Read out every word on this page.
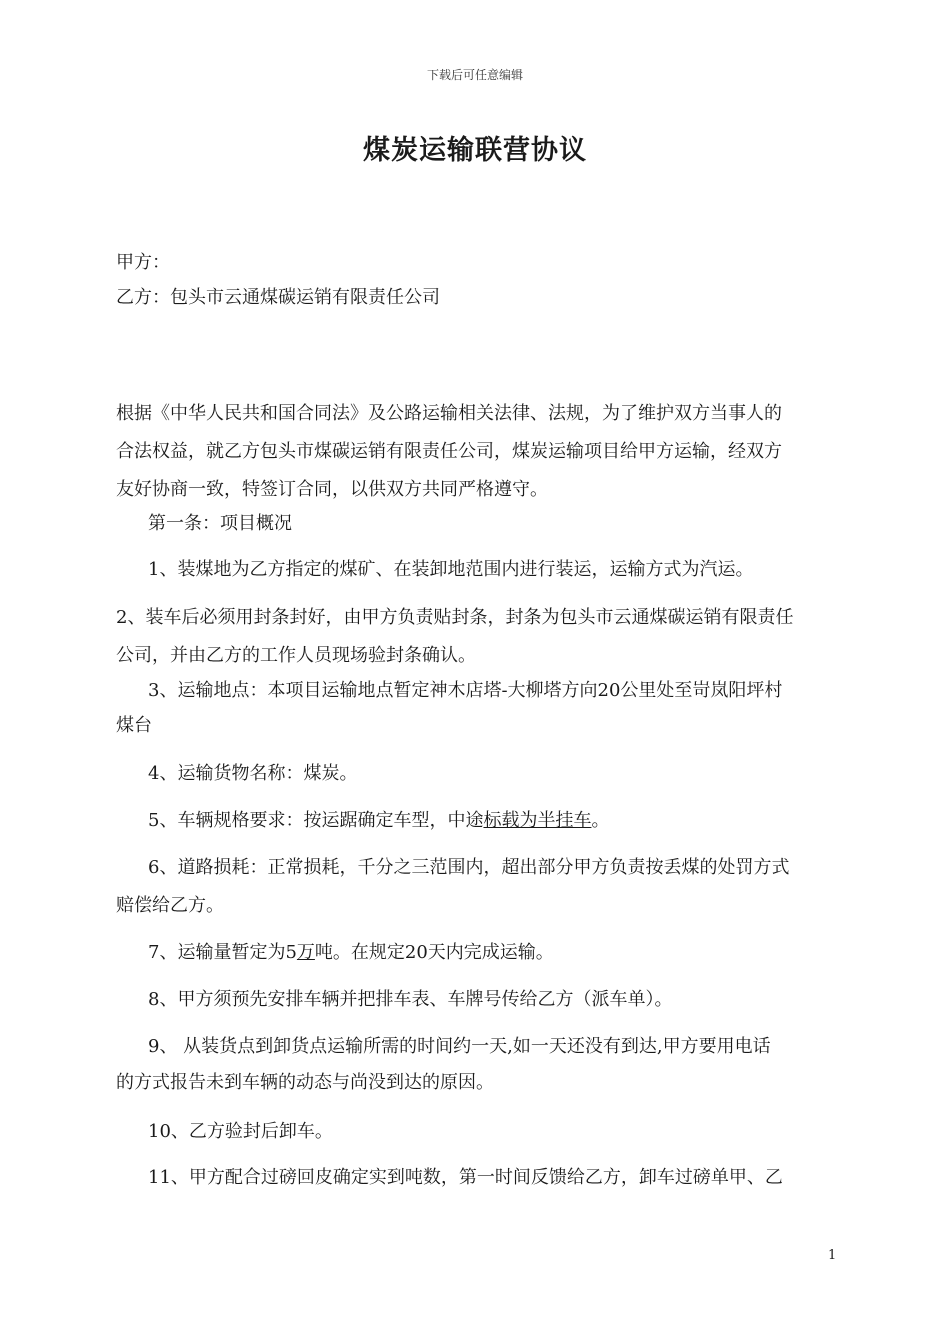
下载后可任意编辑
煤炭运输联营协议
甲方：
乙方：包头市云通煤碳运销有限责任公司
根据《中华人民共和国合同法》及公路运输相关法律、法规，为了维护双方当事人的
合法权益，就乙方包头市煤碳运销有限责任公司，煤炭运输项目给甲方运输，经双方
友好协商一致，特签订合同，以供双方共同严格遵守。
第一条：项目概况
1、装煤地为乙方指定的煤矿、在装卸地范围内进行装运，运输方式为汽运。
2、装车后必须用封条封好，由甲方负责贴封条，封条为包头市云通煤碳运销有限责任
公司，并由乙方的工作人员现场验封条确认。
3、运输地点：本项目运输地点暂定神木店塔-大柳塔方向20公里处至岢岚阳坪村
煤台
4、运输货物名称：煤炭。
5、车辆规格要求：按运踞确定车型，中途标载为半挂车。
6、道路损耗：正常损耗，千分之三范围内，超出部分甲方负责按丢煤的处罚方式
赔偿给乙方。
7、运输量暂定为5万吨。在规定20天内完成运输。
8、甲方须预先安排车辆并把排车表、车牌号传给乙方（派车单）。
9、 从装货点到卸货点运输所需的时间约一天,如一天还没有到达,甲方要用电话
的方式报告未到车辆的动态与尚没到达的原因。
10、乙方验封后卸车。
11、甲方配合过磅回皮确定实到吨数，第一时间反馈给乙方，卸车过磅单甲、乙
1
